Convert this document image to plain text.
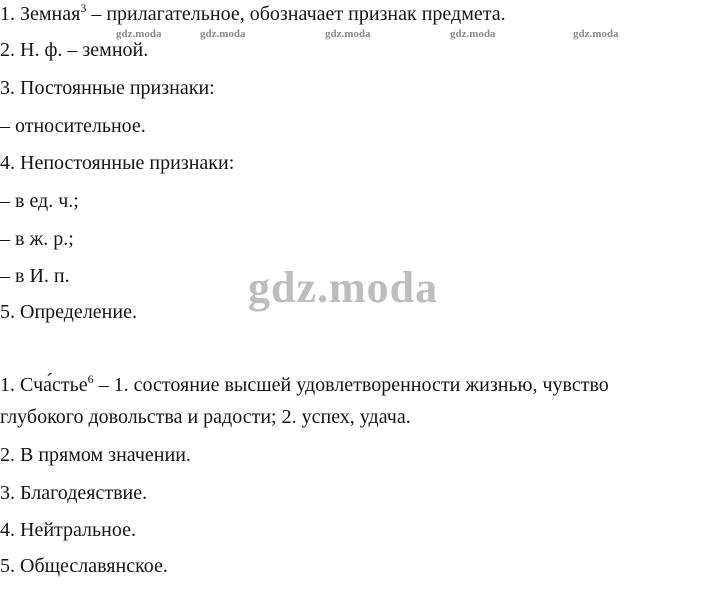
gdz.moda	gdz.moda	gdz.moda	gdz.moda	gdz.moda
gdz.moda
1. Земная$^3$ – прилагательное, обозначает признак предмета.
2. Н. ф. – земной.
3. Постоянные признаки:
– относительное.
4. Непостоянные признаки:
– в ед. ч.;
– в ж. р.;
– в И. п.
5. Определение.
1. Сча́стье$^6$ – 1. состояние высшей удовлетворенности жизнью, чувство
глубокого довольства и радости; 2. успех, удача.
2. В прямом значении.
3. Благодеяствие.
4. Нейтральное.
5. Общеславянское.
